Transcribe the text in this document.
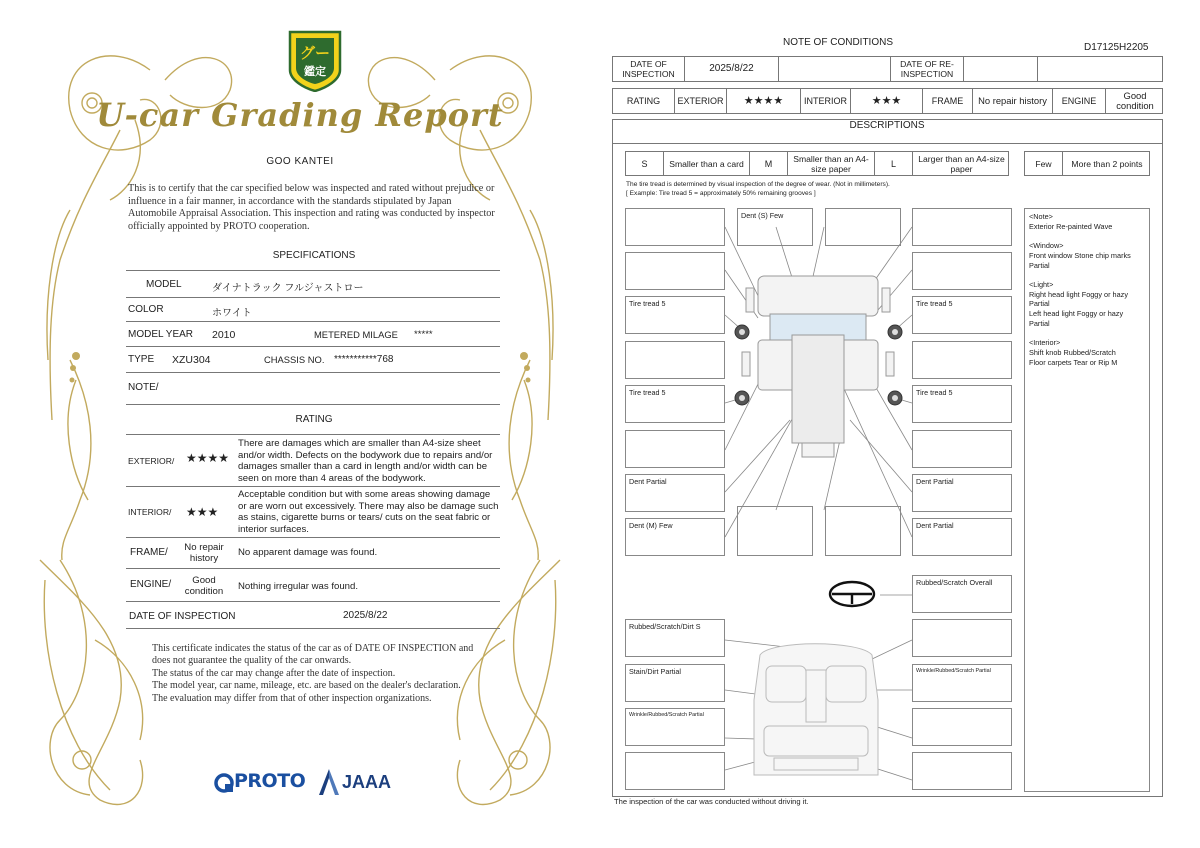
グー
鑑定
U-car Grading Report
GOO KANTEI
This is to certify that the car specified below was inspected and rated without prejudice or influence in a fair manner, in accordance with the standards stipulated by Japan Automobile Appraisal Association. This inspection and rating was conducted by inspector officially appointed by PROTO cooperation.
SPECIFICATIONS
MODEL	ダイナトラック フルジャストロー
COLOR	ホワイト
MODEL YEAR 2010	METERED MILAGE *****
TYPE XZU304	CHASSIS NO. ***********768
NOTE/
RATING
EXTERIOR/ ★★★★
There are damages which are smaller than A4-size sheet and/or width. Defects on the bodywork due to repairs and/or damages smaller than a card in length and/or width can be seen on more than 4 areas of the bodywork.
INTERIOR/ ★★★
Acceptable condition but with some areas showing damage or are worn out excessively. There may also be damage such as stains, cigarette burns or tears/ cuts on the seat fabric or interior surfaces.
FRAME/	No repair history
No apparent damage was found.
ENGINE/	Good condition	Nothing irregular was found.
DATE OF INSPECTION	2025/8/22
This certificate indicates the status of the car as of DATE OF INSPECTION and does not guarantee the quality of the car onwards.
The status of the car may change after the date of inspection.
The model year, car name, mileage, etc. are based on the dealer's declaration.
The evaluation may differ from that of other inspection organizations.
PROTO JAAA
NOTE OF CONDITIONS	D17125H2205
DATE OF INSPECTION	2025/8/22	DATE OF RE-INSPECTION
RATING	EXTERIOR	★★★★	INTERIOR	★★★	FRAME	No repair history	ENGINE	Good condition
DESCRIPTIONS
S	Smaller than a card	M	Smaller than an A4-size paper	L	Larger than an A4-size paper	Few	More than 2 points
The tire tread is determined by visual inspection of the degree of wear. (Not in millimeters).
[ Example: Tire tread 5 = approximately 50% remaining grooves ]
Tire tread 5
Tire tread 5
Dent Partial
Dent (M) Few
Rubbed/Scratch/Dirt S
Stain/Dirt Partial
Wrinkle/Rubbed/Scratch Partial
Dent (S) Few
Tire tread 5
Tire tread 5
Dent Partial
Dent Partial
Rubbed/Scratch Overall
Wrinkle/Rubbed/Scratch Partial

<Note>

Exterior Re-painted Wave

<Window>

Front window Stone chip marks Partial

<Light>

Right head light Foggy or hazy Partial

Left head light Foggy or hazy Partial

<Interior>

Shift knob Rubbed/Scratch

Floor carpets Tear or Rip M

The inspection of the car was conducted without driving it.
